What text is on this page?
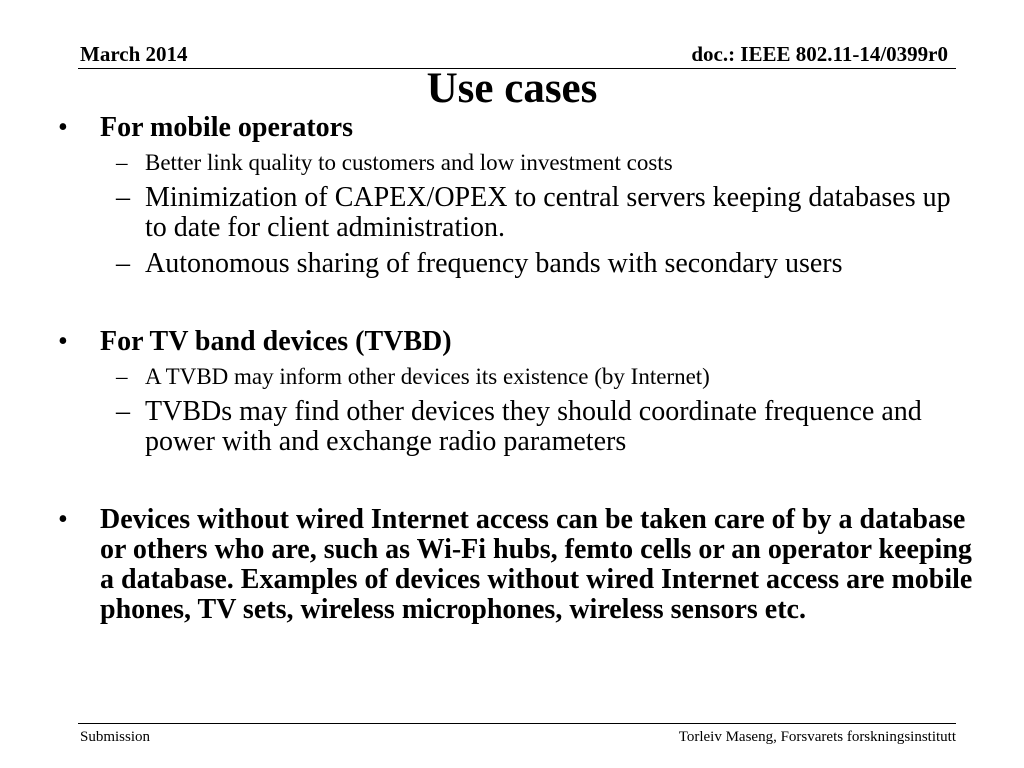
March 2014	doc.: IEEE 802.11-14/0399r0
Use cases
• For mobile operators
– Better link quality to customers and low investment costs
– Minimization of CAPEX/OPEX to central servers keeping databases up to date for client administration.
– Autonomous sharing of frequency bands with secondary users
• For TV band devices (TVBD)
– A TVBD may inform other devices its existence (by Internet)
– TVBDs may find other devices they should coordinate frequence and power with and exchange radio parameters
• Devices without wired Internet access can be taken care of by a database or others who are, such as Wi-Fi hubs, femto cells or an operator keeping a database. Examples of devices without wired Internet access are mobile phones, TV sets, wireless microphones, wireless sensors etc.
Submission	Torleiv Maseng, Forsvarets forskningsinstitutt
